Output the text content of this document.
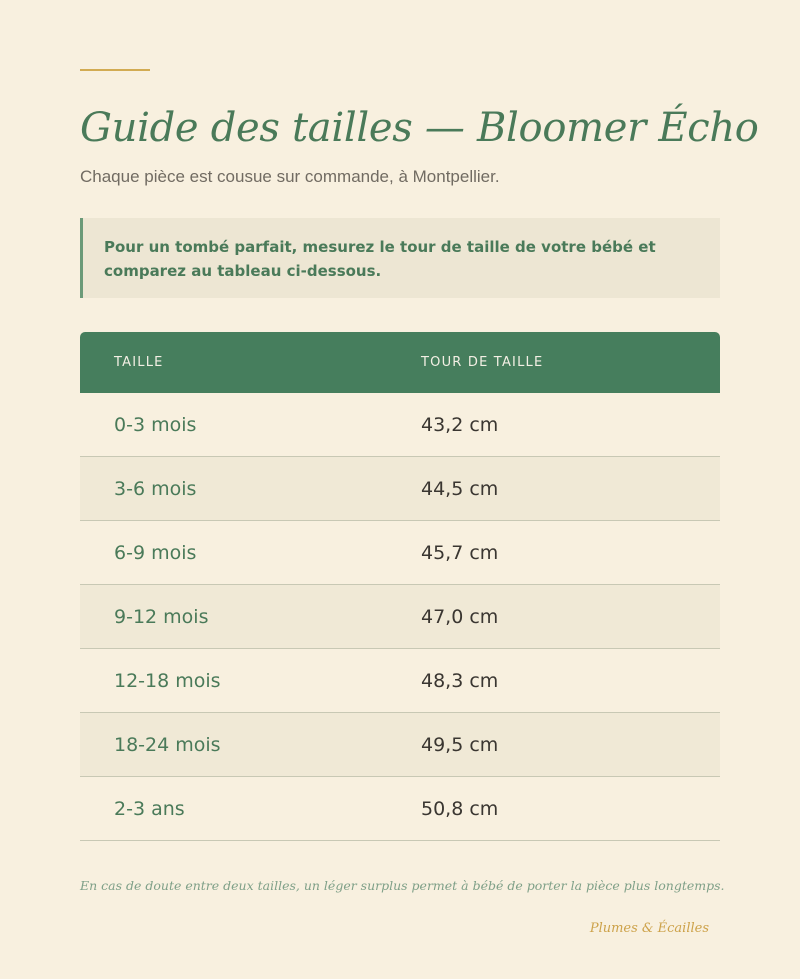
Guide des tailles — Bloomer Écho
Chaque pièce est cousue sur commande, à Montpellier.
Pour un tombé parfait, mesurez le tour de taille de votre bébé et comparez au tableau ci-dessous.
TAILLE	TOUR DE TAILLE
0-3 mois	43,2 cm
3-6 mois	44,5 cm
6-9 mois	45,7 cm
9-12 mois	47,0 cm
12-18 mois	48,3 cm
18-24 mois	49,5 cm
2-3 ans	50,8 cm
En cas de doute entre deux tailles, un léger surplus permet à bébé de porter la pièce plus longtemps.
Plumes & Écailles
